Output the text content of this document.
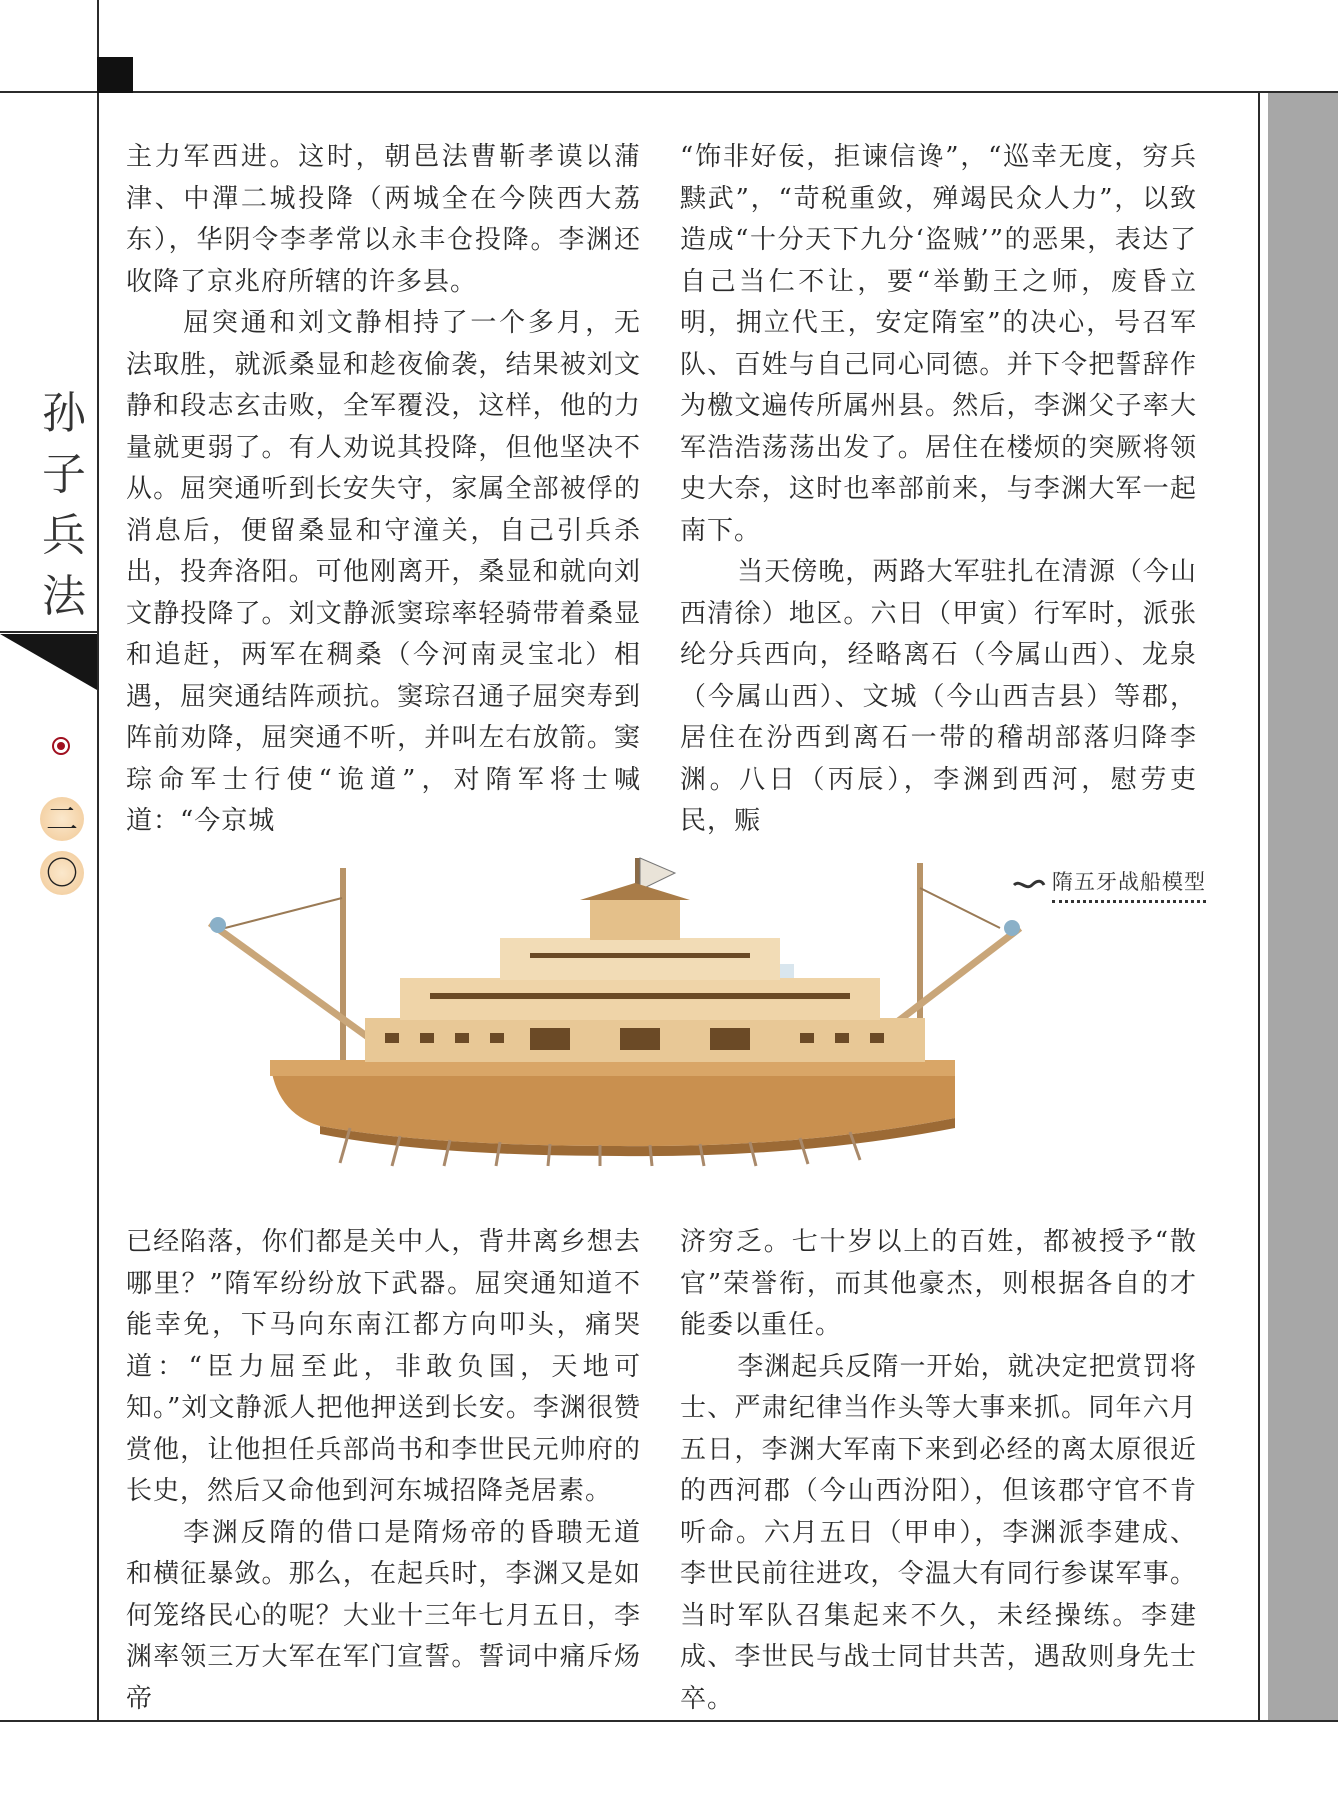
孙
子
兵
法
二
〇

主力军西进。这时，朝邑法曹靳孝谟以蒲津、中潬二城投降（两城全在今陕西大荔东），华阴令李孝常以永丰仓投降。李渊还收降了京兆府所辖的许多县。

屈突通和刘文静相持了一个多月，无法取胜，就派桑显和趁夜偷袭，结果被刘文静和段志玄击败，全军覆没，这样，他的力量就更弱了。有人劝说其投降，但他坚决不从。屈突通听到长安失守，家属全部被俘的消息后，便留桑显和守潼关，自己引兵杀出，投奔洛阳。可他刚离开，桑显和就向刘文静投降了。刘文静派窦琮率轻骑带着桑显和追赶，两军在稠桑（今河南灵宝北）相遇，屈突通结阵顽抗。窦琮召通子屈突寿到阵前劝降，屈突通不听，并叫左右放箭。窦琮命军士行使“诡道”，对隋军将士喊道：“今京城

“饰非好佞，拒谏信谗”，“巡幸无度，穷兵黩武”，“苛税重敛，殚竭民众人力”，以致造成“十分天下九分‘盗贼’”的恶果，表达了自己当仁不让，要“举勤王之师，废昏立明，拥立代王，安定隋室”的决心，号召军队、百姓与自己同心同德。并下令把誓辞作为檄文遍传所属州县。然后，李渊父子率大军浩浩荡荡出发了。居住在楼烦的突厥将领史大奈，这时也率部前来，与李渊大军一起南下。

当天傍晚，两路大军驻扎在清源（今山西清徐）地区。六日（甲寅）行军时，派张纶分兵西向，经略离石（今属山西）、龙泉（今属山西）、文城（今山西吉县）等郡，居住在汾西到离石一带的稽胡部落归降李渊。八日（丙辰），李渊到西河，慰劳吏民，赈

隋五牙战船模型

已经陷落，你们都是关中人，背井离乡想去哪里？”隋军纷纷放下武器。屈突通知道不能幸免，下马向东南江都方向叩头，痛哭道：“臣力屈至此，非敢负国，天地可知。”刘文静派人把他押送到长安。李渊很赞赏他，让他担任兵部尚书和李世民元帅府的长史，然后又命他到河东城招降尧居素。

李渊反隋的借口是隋炀帝的昏聩无道和横征暴敛。那么，在起兵时，李渊又是如何笼络民心的呢？大业十三年七月五日，李渊率领三万大军在军门宣誓。誓词中痛斥炀帝

济穷乏。七十岁以上的百姓，都被授予“散官”荣誉衔，而其他豪杰，则根据各自的才能委以重任。

李渊起兵反隋一开始，就决定把赏罚将士、严肃纪律当作头等大事来抓。同年六月五日，李渊大军南下来到必经的离太原很近的西河郡（今山西汾阳），但该郡守官不肯听命。六月五日（甲申），李渊派李建成、李世民前往进攻，令温大有同行参谋军事。当时军队召集起来不久，未经操练。李建成、李世民与战士同甘共苦，遇敌则身先士卒。
